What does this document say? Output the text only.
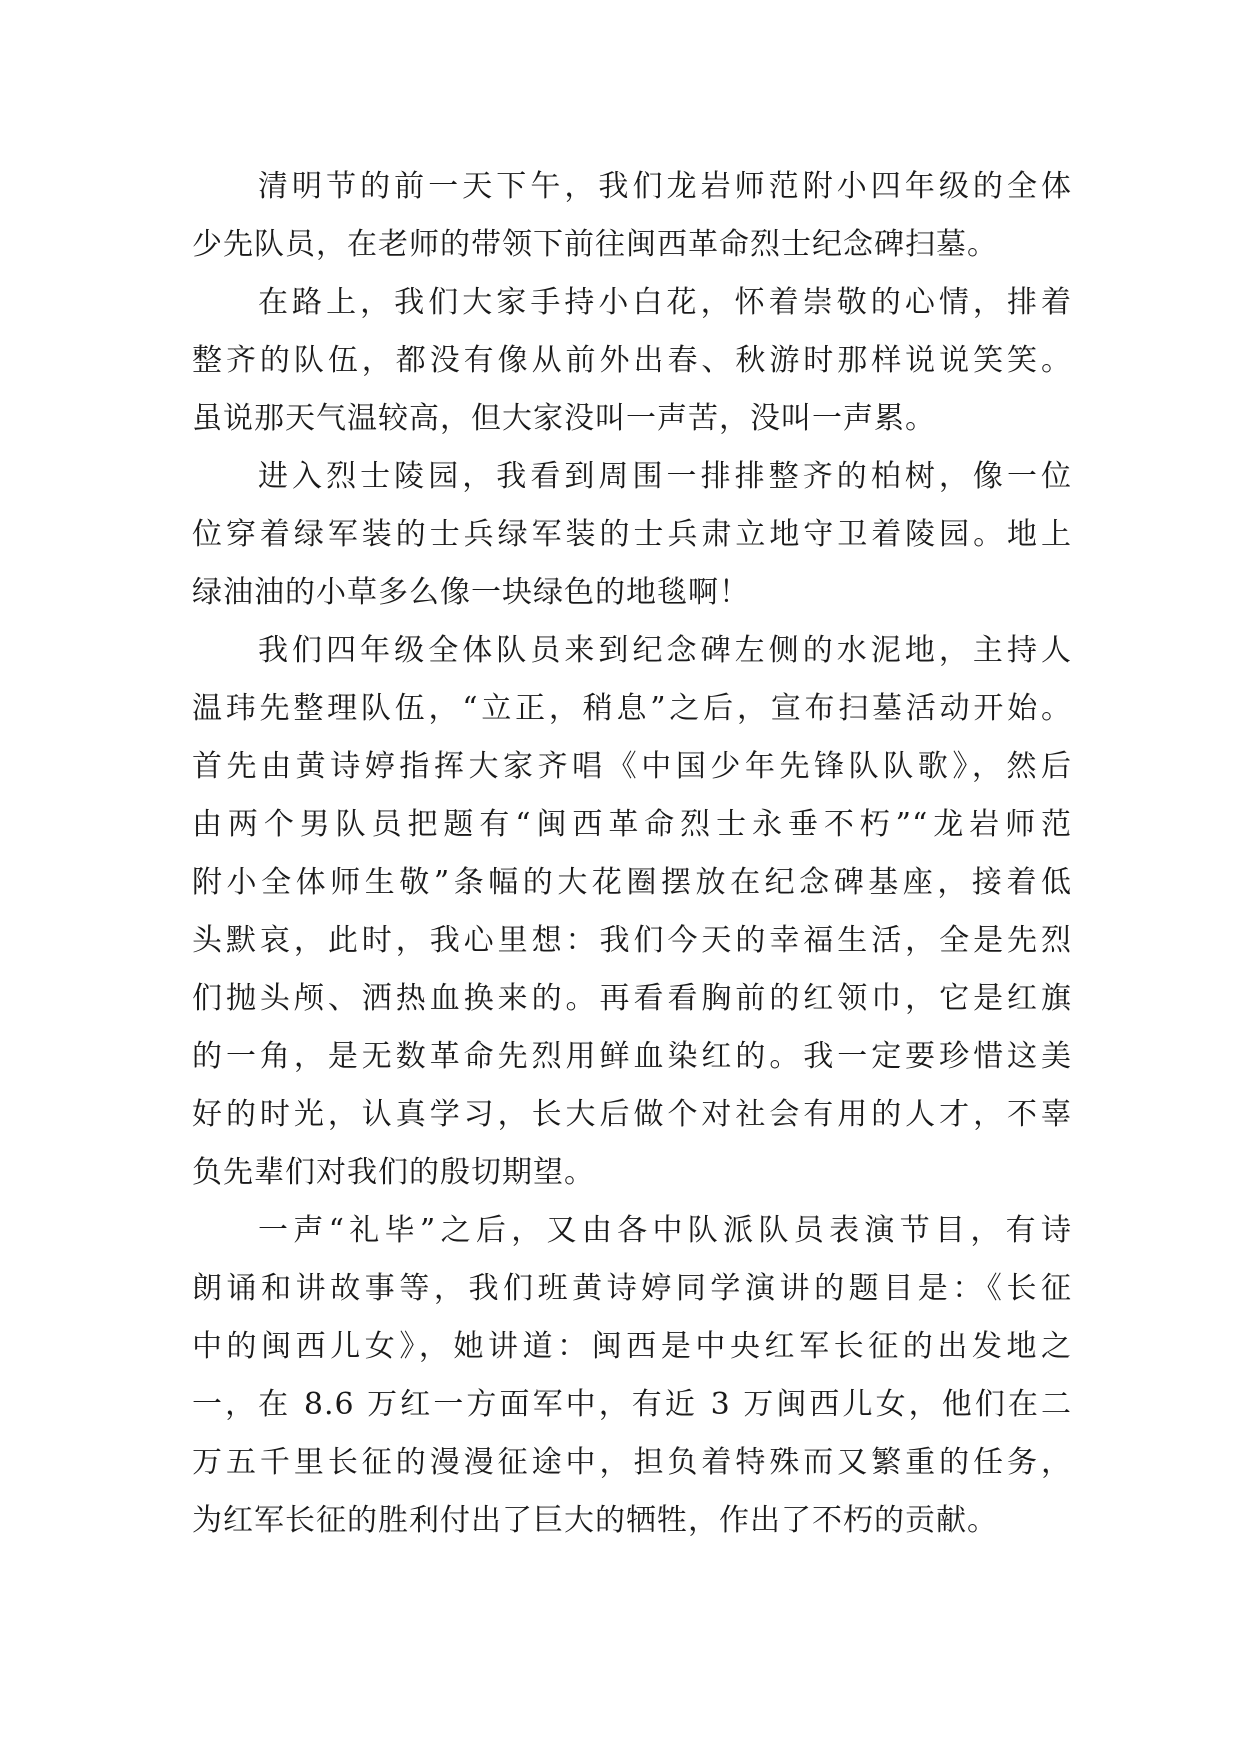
清明节的前一天下午，我们龙岩师范附小四年级的全体
少先队员，在老师的带领下前往闽西革命烈士纪念碑扫墓。
在路上，我们大家手持小白花，怀着崇敬的心情，排着
整齐的队伍，都没有像从前外出春、秋游时那样说说笑笑。
虽说那天气温较高，但大家没叫一声苦，没叫一声累。
进入烈士陵园，我看到周围一排排整齐的柏树，像一位
位穿着绿军装的士兵绿军装的士兵肃立地守卫着陵园。地上
绿油油的小草多么像一块绿色的地毯啊！
我们四年级全体队员来到纪念碑左侧的水泥地，主持人
温玮先整理队伍，“立正，稍息”之后，宣布扫墓活动开始。
首先由黄诗婷指挥大家齐唱《中国少年先锋队队歌》，然后
由两个男队员把题有“闽西革命烈士永垂不朽”“龙岩师范
附小全体师生敬”条幅的大花圈摆放在纪念碑基座，接着低
头默哀，此时，我心里想：我们今天的幸福生活，全是先烈
们抛头颅、洒热血换来的。再看看胸前的红领巾，它是红旗
的一角，是无数革命先烈用鲜血染红的。我一定要珍惜这美
好的时光，认真学习，长大后做个对社会有用的人才，不辜
负先辈们对我们的殷切期望。
一声“礼毕”之后，又由各中队派队员表演节目，有诗
朗诵和讲故事等，我们班黄诗婷同学演讲的题目是：《长征
中的闽西儿女》，她讲道：闽西是中央红军长征的出发地之
一，在 8.6 万红一方面军中，有近 3 万闽西儿女，他们在二
万五千里长征的漫漫征途中，担负着特殊而又繁重的任务，
为红军长征的胜利付出了巨大的牺牲，作出了不朽的贡献。
